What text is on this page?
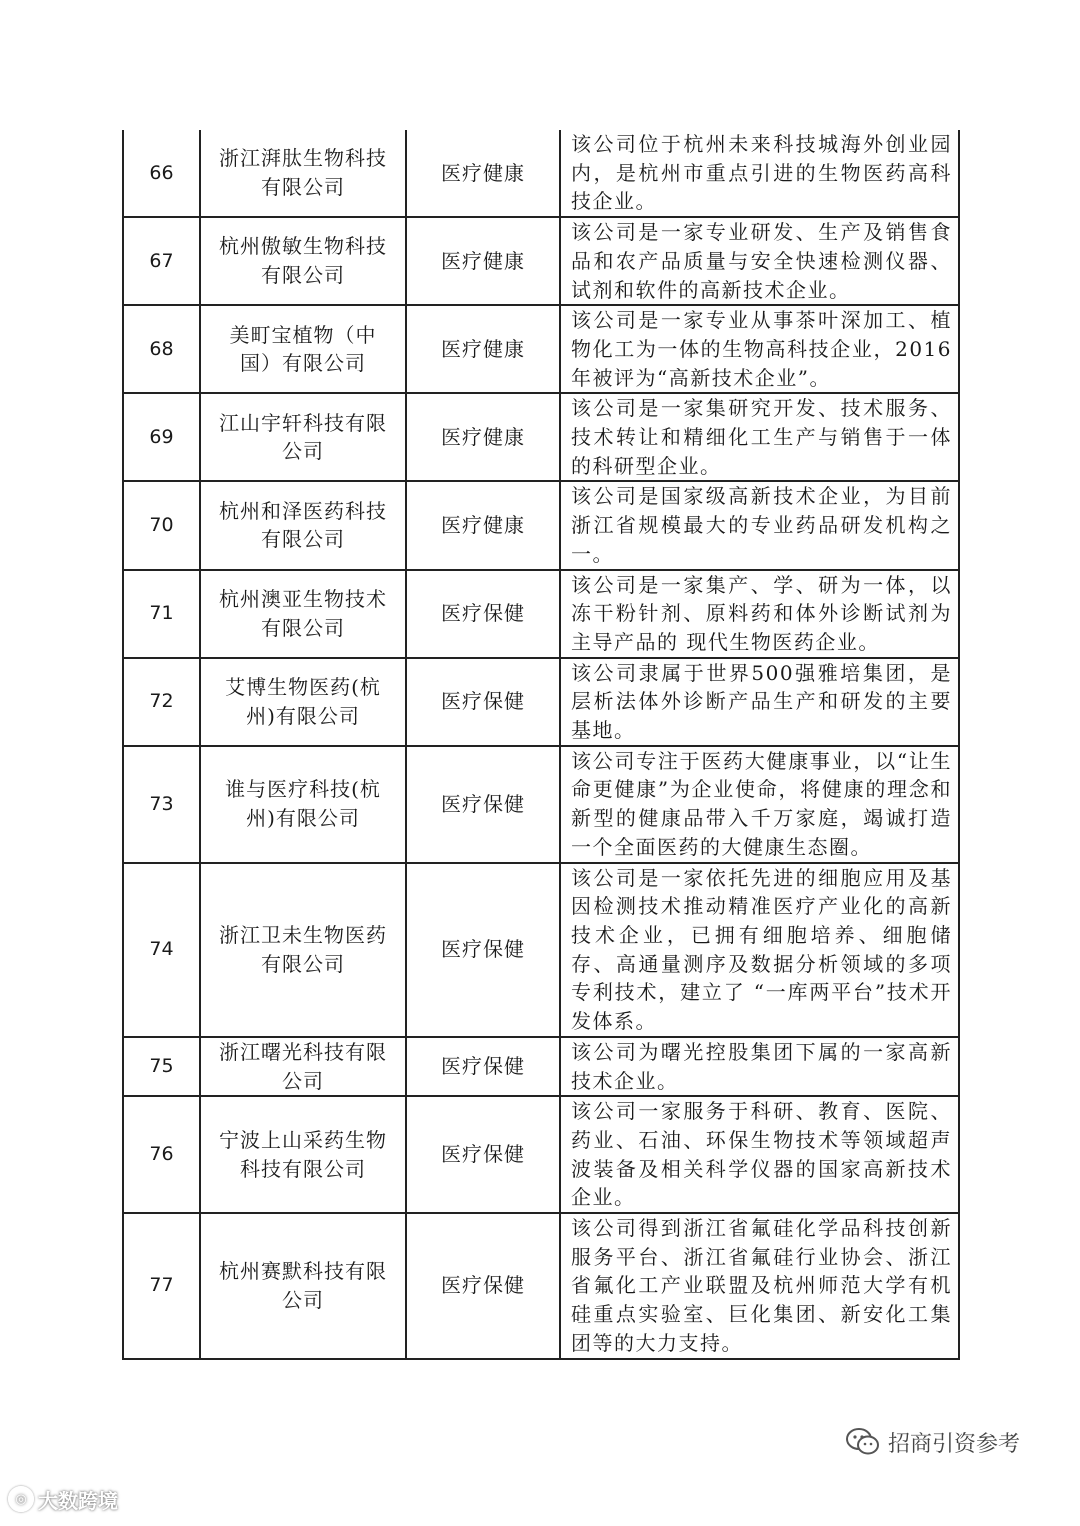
66	浙江湃肽生物科技有限公司	医疗健康	该公司位于杭州未来科技城海外创业园内，是杭州市重点引进的生物医药高科技企业。
67	杭州傲敏生物科技有限公司	医疗健康	该公司是一家专业研发、生产及销售食品和农产品质量与安全快速检测仪器、试剂和软件的高新技术企业。
68	美町宝植物（中国）有限公司	医疗健康	该公司是一家专业从事茶叶深加工、植物化工为一体的生物高科技企业，2016年被评为“高新技术企业”。
69	江山宇轩科技有限公司	医疗健康	该公司是一家集研究开发、技术服务、技术转让和精细化工生产与销售于一体的科研型企业。
70	杭州和泽医药科技有限公司	医疗健康	该公司是国家级高新技术企业，为目前浙江省规模最大的专业药品研发机构之一。
71	杭州澳亚生物技术有限公司	医疗保健	该公司是一家集产、学、研为一体，以冻干粉针剂、原料药和体外诊断试剂为主导产品的 现代生物医药企业。
72	艾博生物医药(杭州)有限公司	医疗保健	该公司隶属于世界500强雅培集团，是层析法体外诊断产品生产和研发的主要基地。
73	谁与医疗科技(杭州)有限公司	医疗保健	该公司专注于医药大健康事业，以“让生命更健康”为企业使命，将健康的理念和新型的健康品带入千万家庭，竭诚打造一个全面医药的大健康生态圈。
74	浙江卫未生物医药有限公司	医疗保健	该公司是一家依托先进的细胞应用及基因检测技术推动精准医疗产业化的高新技术企业，已拥有细胞培养、细胞储存、高通量测序及数据分析领域的多项专利技术，建立了 “一库两平台”技术开发体系。
75	浙江曙光科技有限公司	医疗保健	该公司为曙光控股集团下属的一家高新技术企业。
76	宁波上山采药生物科技有限公司	医疗保健	该公司一家服务于科研、教育、医院、药业、石油、环保生物技术等领域超声波装备及相关科学仪器的国家高新技术企业。
77	杭州赛默科技有限公司	医疗保健	该公司得到浙江省氟硅化学品科技创新服务平台、浙江省氟硅行业协会、浙江省氟化工产业联盟及杭州师范大学有机硅重点实验室、巨化集团、新安化工集团等的大力支持。
招商引资参考
◎ 大数跨境
